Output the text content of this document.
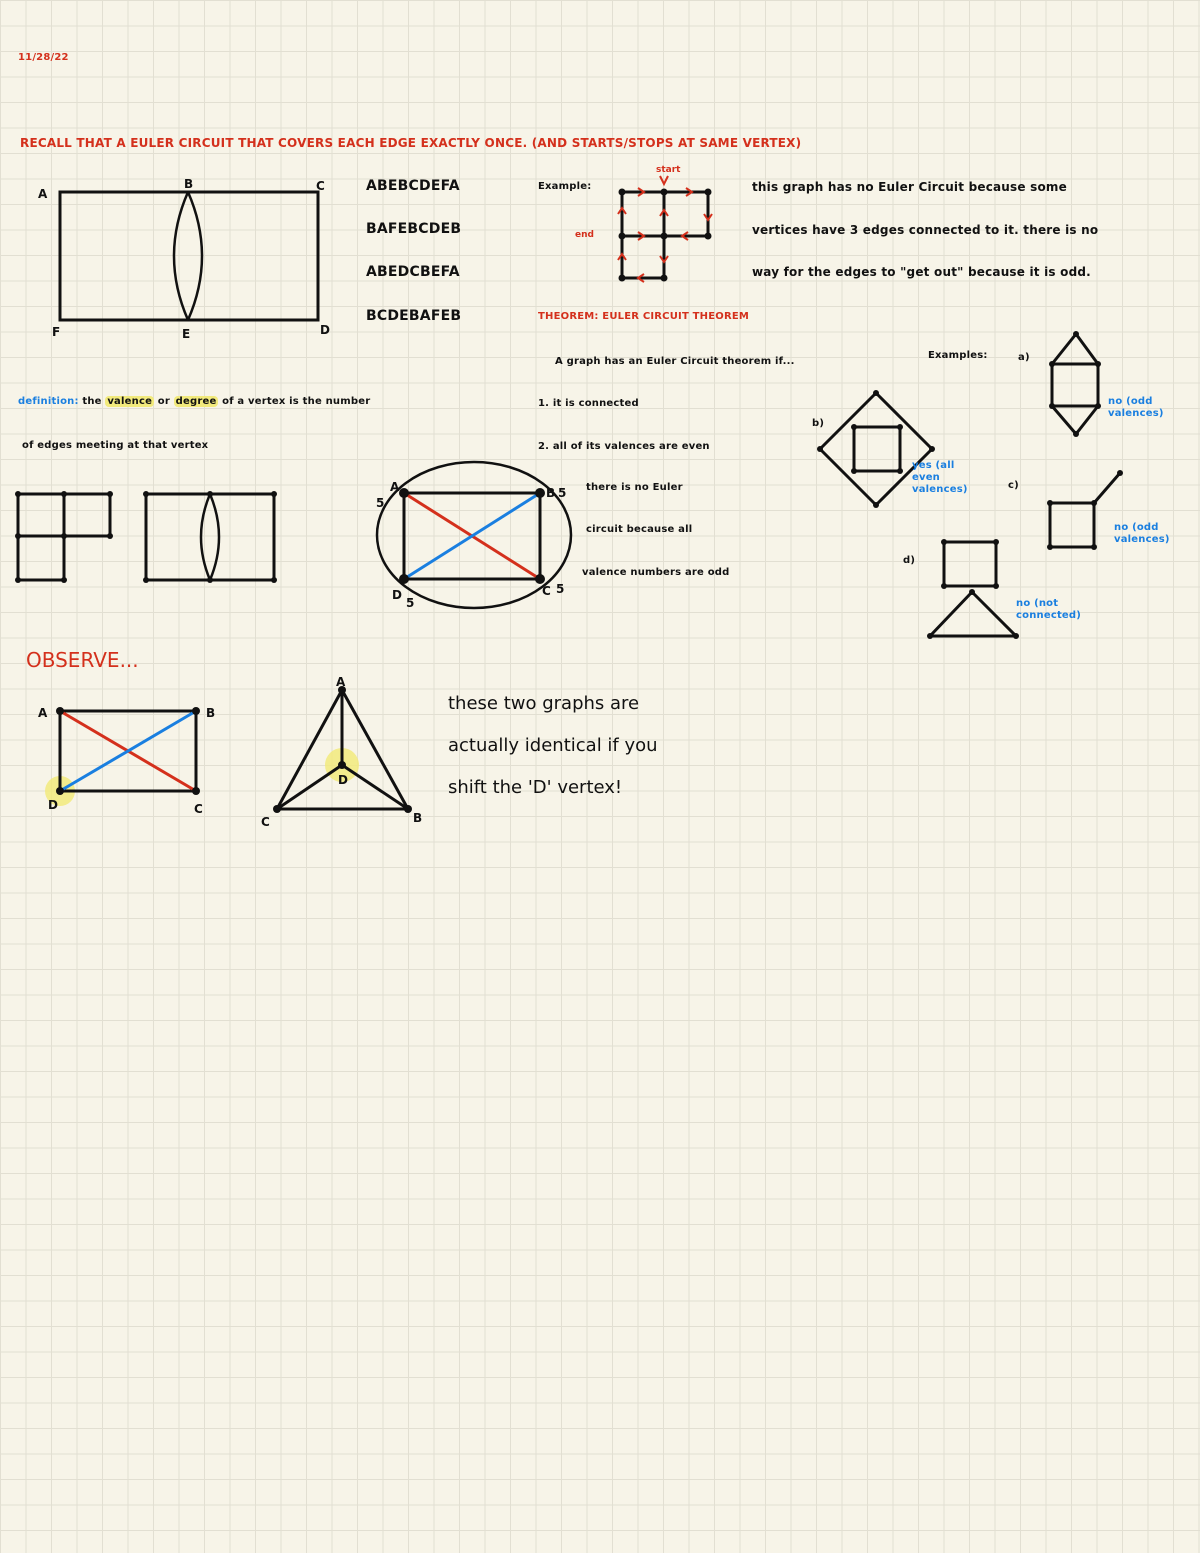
11/28/22
RECALL THAT A EULER CIRCUIT THAT COVERS EACH EDGE EXACTLY ONCE. (AND STARTS/STOPS AT SAME VERTEX)
A
B	C
D
E
F
ABEBCDEFA
BAFEBCDEB
ABEDCBEFA
BCDEBAFEB
Example:
start
end
this graph has no Euler Circuit because some
vertices have 3 edges connected to it. there is no
way for the edges to "get out" because it is odd.
THEOREM: EULER CIRCUIT THEOREM
A graph has an Euler Circuit theorem if...
1. it is connected
2. all of its valences are even
Examples:
definition: the valence or degree of a vertex is the number
of edges meeting at that vertex
A
5
B 5
C 5
D
5
there is no Euler
circuit because all
valence numbers are odd
a)
no (odd valences)
b)
yes (all even valences)	c)
no (odd valences)
d)
no (not connected)
OBSERVE...
A	B
C
D
A
B
C
D
these two graphs are
actually identical if you
shift the 'D' vertex!
